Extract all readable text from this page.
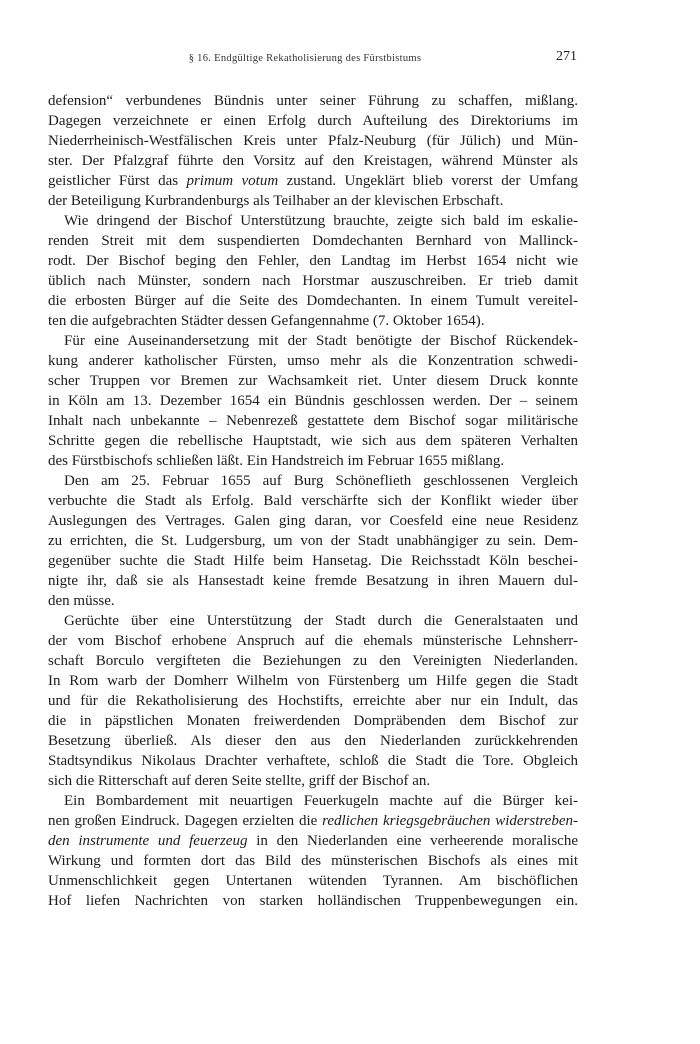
§ 16. Endgültige Rekatholisierung des Fürstbistums	271
defension“ verbundenes Bündnis unter seiner Führung zu schaffen, mißlang.
Dagegen verzeichnete er einen Erfolg durch Aufteilung des Direktoriums im
Niederrheinisch-Westfälischen Kreis unter Pfalz-Neuburg (für Jülich) und Mün-
ster. Der Pfalzgraf führte den Vorsitz auf den Kreistagen, während Münster als
geistlicher Fürst das primum votum zustand. Ungeklärt blieb vorerst der Umfang
der Beteiligung Kurbrandenburgs als Teilhaber an der klevischen Erbschaft.
Wie dringend der Bischof Unterstützung brauchte, zeigte sich bald im eskalie-
renden Streit mit dem suspendierten Domdechanten Bernhard von Mallinck-
rodt. Der Bischof beging den Fehler, den Landtag im Herbst 1654 nicht wie
üblich nach Münster, sondern nach Horstmar auszuschreiben. Er trieb damit
die erbosten Bürger auf die Seite des Domdechanten. In einem Tumult vereitel-
ten die aufgebrachten Städter dessen Gefangennahme (7. Oktober 1654).
Für eine Auseinandersetzung mit der Stadt benötigte der Bischof Rückendek-
kung anderer katholischer Fürsten, umso mehr als die Konzentration schwedi-
scher Truppen vor Bremen zur Wachsamkeit riet. Unter diesem Druck konnte
in Köln am 13. Dezember 1654 ein Bündnis geschlossen werden. Der – seinem
Inhalt nach unbekannte – Nebenrezeß gestattete dem Bischof sogar militärische
Schritte gegen die rebellische Hauptstadt, wie sich aus dem späteren Verhalten
des Fürstbischofs schließen läßt. Ein Handstreich im Februar 1655 mißlang.
Den am 25. Februar 1655 auf Burg Schöneflieth geschlossenen Vergleich
verbuchte die Stadt als Erfolg. Bald verschärfte sich der Konflikt wieder über
Auslegungen des Vertrages. Galen ging daran, vor Coesfeld eine neue Residenz
zu errichten, die St. Ludgersburg, um von der Stadt unabhängiger zu sein. Dem-
gegenüber suchte die Stadt Hilfe beim Hansetag. Die Reichsstadt Köln beschei-
nigte ihr, daß sie als Hansestadt keine fremde Besatzung in ihren Mauern dul-
den müsse.
Gerüchte über eine Unterstützung der Stadt durch die Generalstaaten und
der vom Bischof erhobene Anspruch auf die ehemals münsterische Lehnsherr-
schaft Borculo vergifteten die Beziehungen zu den Vereinigten Niederlanden.
In Rom warb der Domherr Wilhelm von Fürstenberg um Hilfe gegen die Stadt
und für die Rekatholisierung des Hochstifts, erreichte aber nur ein Indult, das
die in päpstlichen Monaten freiwerdenden Dompräbenden dem Bischof zur
Besetzung überließ. Als dieser den aus den Niederlanden zurückkehrenden
Stadtsyndikus Nikolaus Drachter verhaftete, schloß die Stadt die Tore. Obgleich
sich die Ritterschaft auf deren Seite stellte, griff der Bischof an.
Ein Bombardement mit neuartigen Feuerkugeln machte auf die Bürger kei-
nen großen Eindruck. Dagegen erzielten die redlichen kriegsgebräuchen widerstreben-
den instrumente und feuerzeug in den Niederlanden eine verheerende moralische
Wirkung und formten dort das Bild des münsterischen Bischofs als eines mit
Unmenschlichkeit gegen Untertanen wütenden Tyrannen. Am bischöflichen
Hof liefen Nachrichten von starken holländischen Truppenbewegungen ein.
